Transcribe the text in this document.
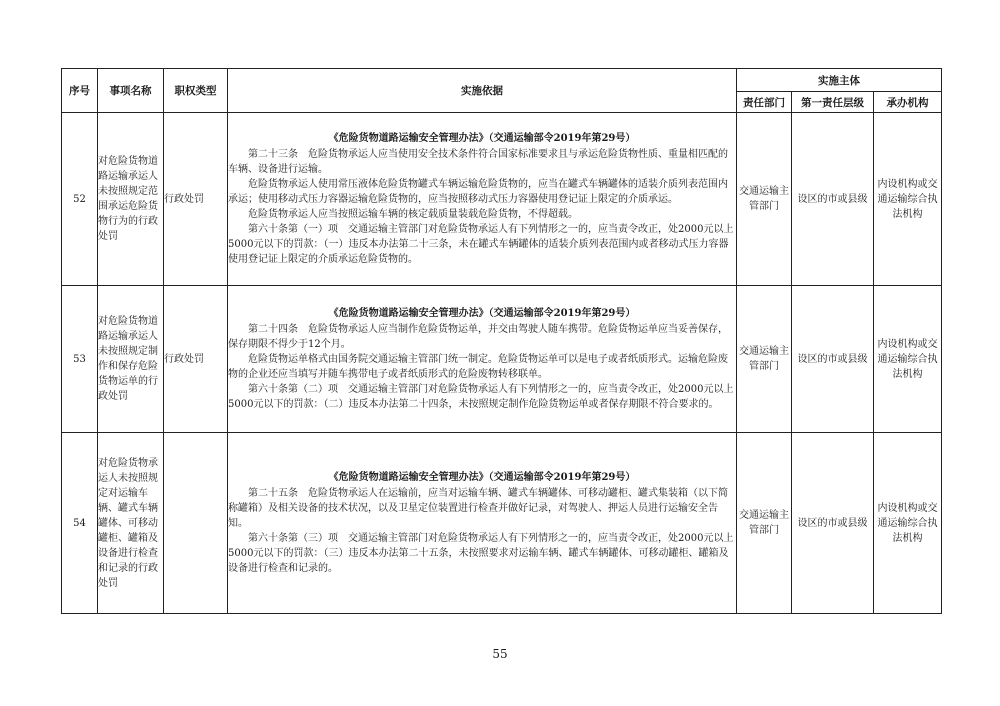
序号	事项名称	职权类型	实施依据	实施主体		
				责任部门	第一责任层级	承办机构
52	对危险货物道路运输承运人未按照规定范围承运危险货物行为的行政处罚	行政处罚	《危险货物道路运输安全管理办法》（交通运输部令2019年第29号）

第二十三条　危险货物承运人应当使用安全技术条件符合国家标准要求且与承运危险货物性质、重量相匹配的车辆、设备进行运输。

危险货物承运人使用常压液体危险货物罐式车辆运输危险货物的，应当在罐式车辆罐体的适装介质列表范围内承运；使用移动式压力容器运输危险货物的，应当按照移动式压力容器使用登记证上限定的介质承运。

危险货物承运人应当按照运输车辆的核定载质量装载危险货物，不得超载。

第六十条第（一）项　交通运输主管部门对危险货物承运人有下列情形之一的，应当责令改正，处2000元以上5000元以下的罚款：（一）违反本办法第二十三条，未在罐式车辆罐体的适装介质列表范围内或者移动式压力容器使用登记证上限定的介质承运危险货物的。	交通运输主管部门	设区的市或县级	内设机构或交通运输综合执法机构
53	对危险货物道路运输承运人未按照规定制作和保存危险货物运单的行政处罚	行政处罚	《危险货物道路运输安全管理办法》（交通运输部令2019年第29号）

第二十四条　危险货物承运人应当制作危险货物运单，并交由驾驶人随车携带。危险货物运单应当妥善保存，保存期限不得少于12个月。

危险货物运单格式由国务院交通运输主管部门统一制定。危险货物运单可以是电子或者纸质形式。运输危险废物的企业还应当填写并随车携带电子或者纸质形式的危险废物转移联单。

第六十条第（二）项　交通运输主管部门对危险货物承运人有下列情形之一的，应当责令改正，处2000元以上5000元以下的罚款：（二）违反本办法第二十四条，未按照规定制作危险货物运单或者保存期限不符合要求的。	交通运输主管部门	设区的市或县级	内设机构或交通运输综合执法机构
54	对危险货物承运人未按照规定对运输车辆、罐式车辆罐体、可移动罐柜、罐箱及设备进行检查和记录的行政处罚		《危险货物道路运输安全管理办法》（交通运输部令2019年第29号）

第二十五条　危险货物承运人在运输前，应当对运输车辆、罐式车辆罐体、可移动罐柜、罐式集装箱（以下简称罐箱）及相关设备的技术状况，以及卫星定位装置进行检查并做好记录，对驾驶人、押运人员进行运输安全告知。

第六十条第（三）项　交通运输主管部门对危险货物承运人有下列情形之一的，应当责令改正，处2000元以上5000元以下的罚款：（三）违反本办法第二十五条，未按照要求对运输车辆、罐式车辆罐体、可移动罐柜、罐箱及设备进行检查和记录的。	交通运输主管部门	设区的市或县级	内设机构或交通运输综合执法机构
55
